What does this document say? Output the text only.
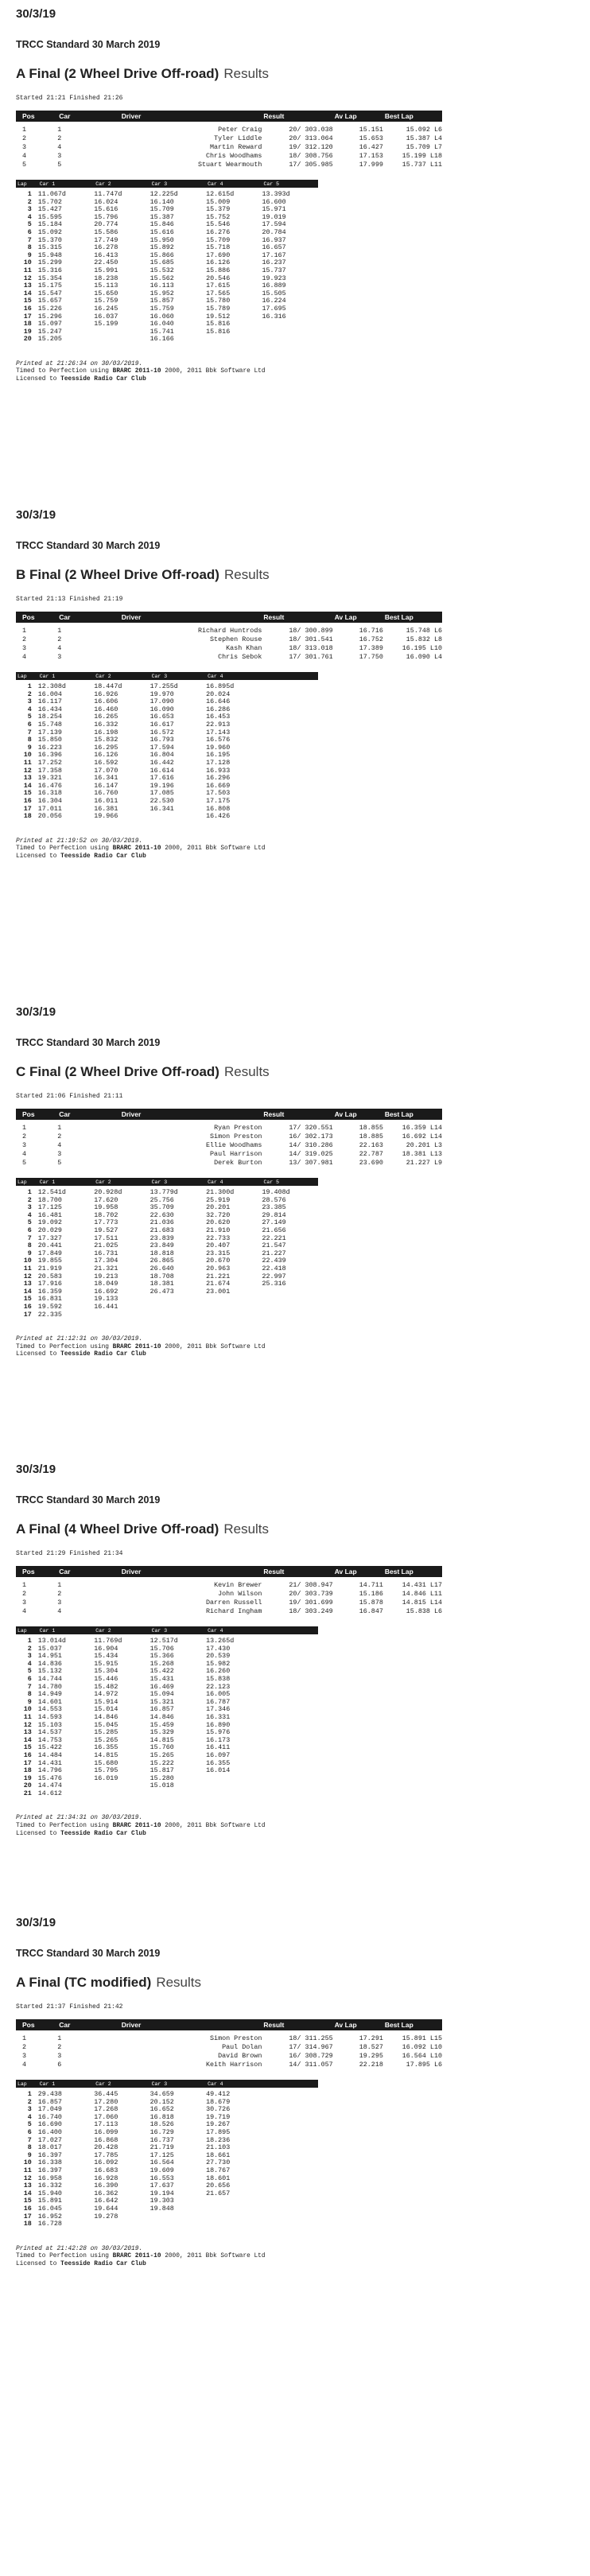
30/3/19
TRCC Standard 30 March 2019
A Final (2 Wheel Drive Off-road) Results
Started 21:21 Finished 21:26
Pos	Car	Driver	Result	Av Lap	Best Lap
1	1	Peter Craig	20/ 303.038	15.151	15.092 L6
2	2	Tyler Liddle	20/ 313.064	15.653	15.387 L4
3	4	Martin Reward	19/ 312.120	16.427	15.709 L7
4	3	Chris Woodhams	18/ 308.756	17.153	15.199 L18
5	5	Stuart Wearmouth	17/ 305.985	17.999	15.737 L11
Lap	Car 1	Car 2	Car 3	Car 4	Car 5
1	11.067d	11.747d	12.225d	12.615d	13.393d
2	15.702	16.024	16.140	15.009	16.600
3	15.427	15.616	15.709	15.379	15.971
4	15.595	15.796	15.387	15.752	19.019
5	15.184	20.774	15.846	15.546	17.594
6	15.092	15.586	15.616	16.276	20.784
7	15.370	17.749	15.950	15.709	16.937
8	15.315	16.278	15.892	15.718	16.657
9	15.948	16.413	15.866	17.690	17.167
10	15.299	22.450	15.685	16.126	16.237
11	15.316	15.991	15.532	15.886	15.737
12	15.354	18.238	15.562	20.546	19.923
13	15.175	15.113	16.113	17.615	16.889
14	15.547	15.650	15.952	17.565	15.505
15	15.657	15.759	15.857	15.780	16.224
16	15.226	16.245	15.759	15.789	17.695
17	15.296	16.037	16.060	19.512	16.316
18	15.097	15.199	16.040	15.816	
19	15.247		15.741	15.816	
20	15.205		16.166		
Printed at 21:26:34 on 30/03/2019.
Timed to Perfection using BRARC 2011-10 2000, 2011 Bbk Software Ltd
Licensed to Teesside Radio Car Club
30/3/19
TRCC Standard 30 March 2019
B Final (2 Wheel Drive Off-road) Results
Started 21:13 Finished 21:19
Pos	Car	Driver	Result	Av Lap	Best Lap
1	1	Richard Huntrods	18/ 300.899	16.716	15.748 L6
2	2	Stephen Rouse	18/ 301.541	16.752	15.832 L8
3	4	Kash Khan	18/ 313.018	17.389	16.195 L10
4	3	Chris Sebok	17/ 301.761	17.750	16.090 L4
Lap	Car 1	Car 2	Car 3	Car 4	
1	12.308d	18.447d	17.255d	16.895d	
2	16.004	16.926	19.970	20.024	
3	16.117	16.606	17.090	16.646	
4	16.434	16.460	16.090	16.286	
5	18.254	16.265	16.653	16.453	
6	15.748	16.332	16.617	22.913	
7	17.139	16.198	16.572	17.143	
8	15.850	15.832	16.793	16.576	
9	16.223	16.295	17.594	19.960	
10	16.396	16.126	16.804	16.195	
11	17.252	16.592	16.442	17.128	
12	17.358	17.070	16.614	16.933	
13	19.321	16.341	17.616	16.296	
14	16.476	16.147	19.196	16.669	
15	16.318	16.760	17.085	17.503	
16	16.304	16.011	22.530	17.175	
17	17.011	16.381	16.341	16.808	
18	20.056	19.966		16.426	
Printed at 21:19:52 on 30/03/2019.
Timed to Perfection using BRARC 2011-10 2000, 2011 Bbk Software Ltd
Licensed to Teesside Radio Car Club
30/3/19
TRCC Standard 30 March 2019
C Final (2 Wheel Drive Off-road) Results
Started 21:06 Finished 21:11
Pos	Car	Driver	Result	Av Lap	Best Lap
1	1	Ryan Preston	17/ 320.551	18.855	16.359 L14
2	2	Simon Preston	16/ 302.173	18.885	16.692 L14
3	4	Ellie Woodhams	14/ 310.286	22.163	20.201 L3
4	3	Paul Harrison	14/ 319.025	22.787	18.381 L13
5	5	Derek Burton	13/ 307.981	23.690	21.227 L9
Lap	Car 1	Car 2	Car 3	Car 4	Car 5
1	12.541d	20.928d	13.779d	21.300d	19.408d
2	18.700	17.620	25.756	25.919	28.576
3	17.125	19.958	35.709	20.201	23.385
4	16.481	18.702	22.630	32.720	29.814
5	19.092	17.773	21.036	20.620	27.149
6	20.029	19.527	21.683	21.910	21.656
7	17.327	17.511	23.839	22.733	22.221
8	20.441	21.025	23.849	20.407	21.547
9	17.849	16.731	18.818	23.315	21.227
10	19.855	17.304	26.865	20.670	22.439
11	21.919	21.321	26.640	20.963	22.418
12	20.583	19.213	18.708	21.221	22.997
13	17.916	18.049	18.381	21.674	25.316
14	16.359	16.692	26.473	23.001	
15	16.831	19.133			
16	19.592	16.441			
17	22.335				
Printed at 21:12:31 on 30/03/2019.
Timed to Perfection using BRARC 2011-10 2000, 2011 Bbk Software Ltd
Licensed to Teesside Radio Car Club
30/3/19
TRCC Standard 30 March 2019
A Final (4 Wheel Drive Off-road) Results
Started 21:29 Finished 21:34
Pos	Car	Driver	Result	Av Lap	Best Lap
1	1	Kevin Brewer	21/ 308.947	14.711	14.431 L17
2	2	John Wilson	20/ 303.739	15.186	14.846 L11
3	3	Darren Russell	19/ 301.699	15.878	14.815 L14
4	4	Richard Ingham	18/ 303.249	16.847	15.838 L6
Lap	Car 1	Car 2	Car 3	Car 4	
1	13.014d	11.769d	12.517d	13.265d	
2	15.037	16.904	15.706	17.430	
3	14.951	15.434	15.366	20.539	
4	14.836	15.915	15.268	15.982	
5	15.132	15.304	15.422	16.260	
6	14.744	15.446	15.431	15.838	
7	14.780	15.482	16.469	22.123	
8	14.949	14.972	15.094	16.005	
9	14.601	15.914	15.321	16.787	
10	14.553	15.014	16.857	17.346	
11	14.593	14.846	14.846	16.331	
12	15.103	15.045	15.459	16.890	
13	14.537	15.285	15.329	15.976	
14	14.753	15.265	14.815	16.173	
15	15.422	16.355	15.760	16.411	
16	14.484	14.815	15.265	16.097	
17	14.431	15.680	15.222	16.355	
18	14.796	15.795	15.817	16.014	
19	15.476	16.019	15.280		
20	14.474		15.018		
21	14.612				
Printed at 21:34:31 on 30/03/2019.
Timed to Perfection using BRARC 2011-10 2000, 2011 Bbk Software Ltd
Licensed to Teesside Radio Car Club
30/3/19
TRCC Standard 30 March 2019
A Final (TC modified) Results
Started 21:37 Finished 21:42
Pos	Car	Driver	Result	Av Lap	Best Lap
1	1	Simon Preston	18/ 311.255	17.291	15.891 L15
2	2	Paul Dolan	17/ 314.967	18.527	16.092 L10
3	3	David Brown	16/ 308.729	19.295	16.564 L10
4	6	Keith Harrison	14/ 311.057	22.218	17.895 L6
Lap	Car 1	Car 2	Car 3	Car 4	
1	29.438	36.445	34.659	49.412	
2	16.857	17.280	20.152	18.679	
3	17.049	17.268	16.652	30.726	
4	16.740	17.060	16.818	19.719	
5	16.690	17.113	18.526	19.267	
6	16.400	16.099	16.729	17.895	
7	17.027	16.868	16.737	18.236	
8	18.017	20.428	21.719	21.103	
9	16.397	17.785	17.125	18.661	
10	16.338	16.092	16.564	27.730	
11	16.397	16.683	19.609	18.767	
12	16.958	16.928	16.553	18.601	
13	16.332	16.390	17.637	20.656	
14	15.940	16.362	19.194	21.657	
15	15.891	16.642	19.303		
16	16.045	19.644	19.848		
17	16.952	19.278			
18	16.728				
Printed at 21:42:28 on 30/03/2019.
Timed to Perfection using BRARC 2011-10 2000, 2011 Bbk Software Ltd
Licensed to Teesside Radio Car Club
